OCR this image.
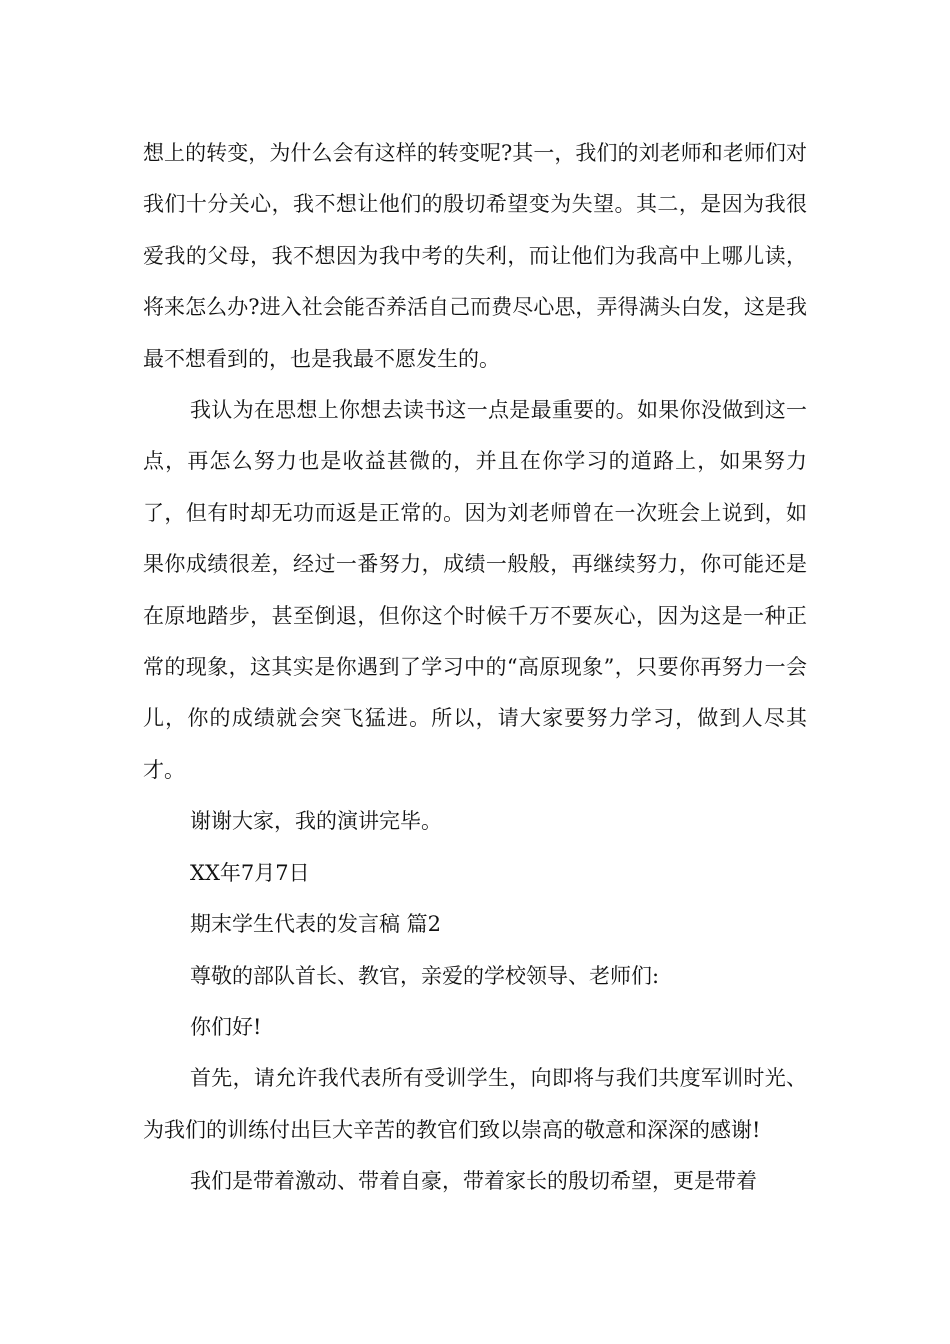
想上的转变，为什么会有这样的转变呢?其一，我们的刘老师和老师们对我们十分关心，我不想让他们的殷切希望变为失望。其二，是因为我很爱我的父母，我不想因为我中考的失利，而让他们为我高中上哪儿读，将来怎么办?进入社会能否养活自己而费尽心思，弄得满头白发，这是我最不想看到的，也是我最不愿发生的。

我认为在思想上你想去读书这一点是最重要的。如果你没做到这一点，再怎么努力也是收益甚微的，并且在你学习的道路上，如果努力了，但有时却无功而返是正常的。因为刘老师曾在一次班会上说到，如果你成绩很差，经过一番努力，成绩一般般，再继续努力，你可能还是在原地踏步，甚至倒退，但你这个时候千万不要灰心，因为这是一种正常的现象，这其实是你遇到了学习中的“高原现象”，只要你再努力一会儿，你的成绩就会突飞猛进。所以，请大家要努力学习，做到人尽其才。

谢谢大家，我的演讲完毕。

XX年7月7日

期末学生代表的发言稿 篇2

尊敬的部队首长、教官，亲爱的学校领导、老师们:

你们好!

首先，请允许我代表所有受训学生，向即将与我们共度军训时光、为我们的训练付出巨大辛苦的教官们致以崇高的敬意和深深的感谢!

我们是带着激动、带着自豪，带着家长的殷切希望，更是带着
